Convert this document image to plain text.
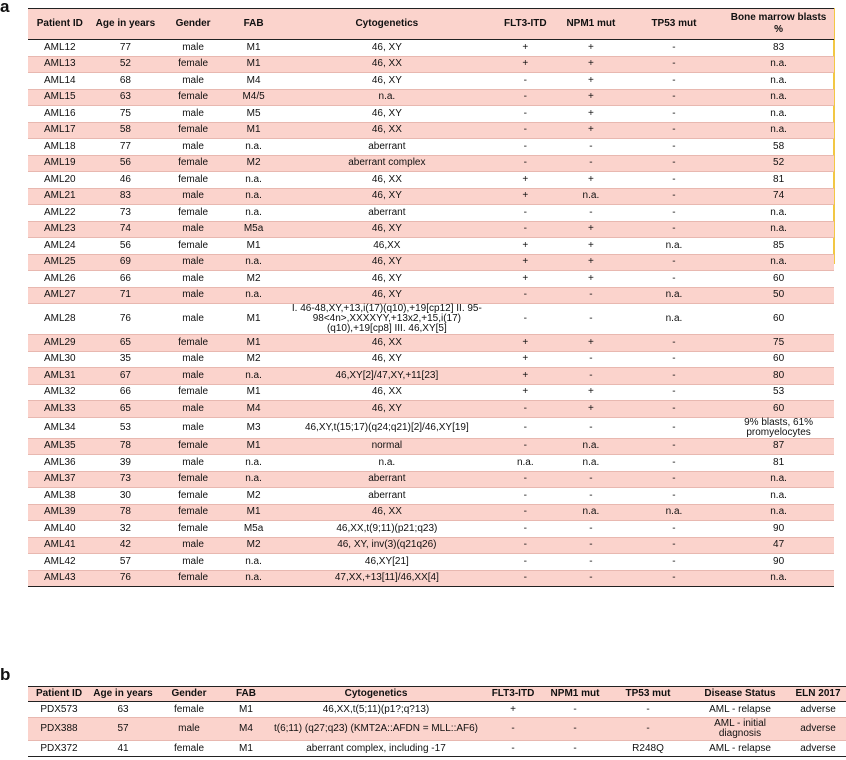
a
Patient ID	Age in years	Gender	FAB	Cytogenetics	FLT3-ITD	NPM1 mut	TP53 mut	Bone marrow blasts %
AML12	77	male	M1	46, XY	+	+	-	83
AML13	52	female	M1	46, XX	+	+	-	n.a.
AML14	68	male	M4	46, XY	-	+	-	n.a.
AML15	63	female	M4/5	n.a.	-	+	-	n.a.
AML16	75	male	M5	46, XY	-	+	-	n.a.
AML17	58	female	M1	46, XX	-	+	-	n.a.
AML18	77	male	n.a.	aberrant	-	-	-	58
AML19	56	female	M2	aberrant complex	-	-	-	52
AML20	46	female	n.a.	46, XX	+	+	-	81
AML21	83	male	n.a.	46, XY	+	n.a.	-	74
AML22	73	female	n.a.	aberrant	-	-	-	n.a.
AML23	74	male	M5a	46, XY	-	+	-	n.a.
AML24	56	female	M1	46,XX	+	+	n.a.	85
AML25	69	male	n.a.	46, XY	+	+	-	n.a.
AML26	66	male	M2	46, XY	+	+	-	60
AML27	71	male	n.a.	46, XY	-	-	n.a.	50
AML28	76	male	M1	I. 46-48,XY,+13,i(17)(q10),+19[cp12] II. 95-98<4n>,XXXXYY,+13x2,+15,i(17)(q10),+19[cp8] III. 46,XY[5]	-	-	n.a.	60
AML29	65	female	M1	46, XX	+	+	-	75
AML30	35	male	M2	46, XY	+	-	-	60
AML31	67	male	n.a.	46,XY[2]/47,XY,+11[23]	+	-	-	80
AML32	66	female	M1	46, XX	+	+	-	53
AML33	65	male	M4	46, XY	-	+	-	60
AML34	53	male	M3	46,XY,t(15;17)(q24;q21)[2]/46,XY[19]	-	-	-	9% blasts, 61% promyelocytes
AML35	78	female	M1	normal	-	n.a.	-	87
AML36	39	male	n.a.	n.a.	n.a.	n.a.	-	81
AML37	73	female	n.a.	aberrant	-	-	-	n.a.
AML38	30	female	M2	aberrant	-	-	-	n.a.
AML39	78	female	M1	46, XX	-	n.a.	n.a.	n.a.
AML40	32	female	M5a	46,XX,t(9;11)(p21;q23)	-	-	-	90
AML41	42	male	M2	46, XY, inv(3)(q21q26)	-	-	-	47
AML42	57	male	n.a.	46,XY[21]	-	-	-	90
AML43	76	female	n.a.	47,XX,+13[11]/46,XX[4]	-	-	-	n.a.
b
Patient ID	Age in years	Gender	FAB	Cytogenetics	FLT3-ITD	NPM1 mut	TP53 mut	Disease Status	ELN 2017
PDX573	63	female	M1	46,XX,t(5;11)(p1?;q?13)	+	-	-	AML - relapse	adverse
PDX388	57	male	M4	t(6;11) (q27;q23) (KMT2A::AFDN = MLL::AF6)	-	-	-	AML - initial diagnosis	adverse
PDX372	41	female	M1	aberrant complex, including -17	-	-	R248Q	AML - relapse	adverse
